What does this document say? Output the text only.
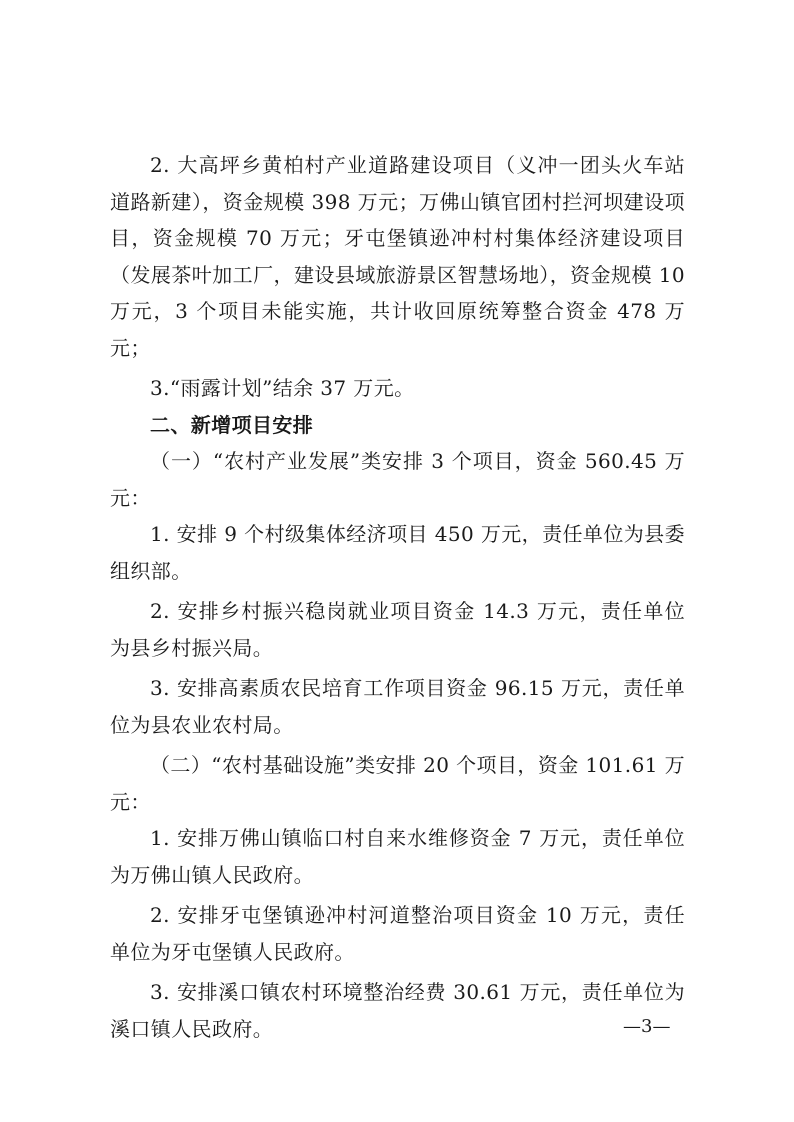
2. 大高坪乡黄柏村产业道路建设项目（义冲一团头火车站道路新建），资金规模 398 万元；万佛山镇官团村拦河坝建设项目，资金规模 70 万元；牙屯堡镇逊冲村村集体经济建设项目（发展茶叶加工厂，建设县域旅游景区智慧场地），资金规模 10 万元，3 个项目未能实施，共计收回原统筹整合资金 478 万元；

3.“雨露计划”结余 37 万元。

二、新增项目安排

（一）“农村产业发展”类安排 3 个项目，资金 560.45 万元：

1. 安排 9 个村级集体经济项目 450 万元，责任单位为县委组织部。

2. 安排乡村振兴稳岗就业项目资金 14.3 万元，责任单位为县乡村振兴局。

3. 安排高素质农民培育工作项目资金 96.15 万元，责任单位为县农业农村局。

（二）“农村基础设施”类安排 20 个项目，资金 101.61 万元：

1. 安排万佛山镇临口村自来水维修资金 7 万元，责任单位为万佛山镇人民政府。

2. 安排牙屯堡镇逊冲村河道整治项目资金 10 万元，责任单位为牙屯堡镇人民政府。

3. 安排溪口镇农村环境整治经费 30.61 万元，责任单位为溪口镇人民政府。	—3—
